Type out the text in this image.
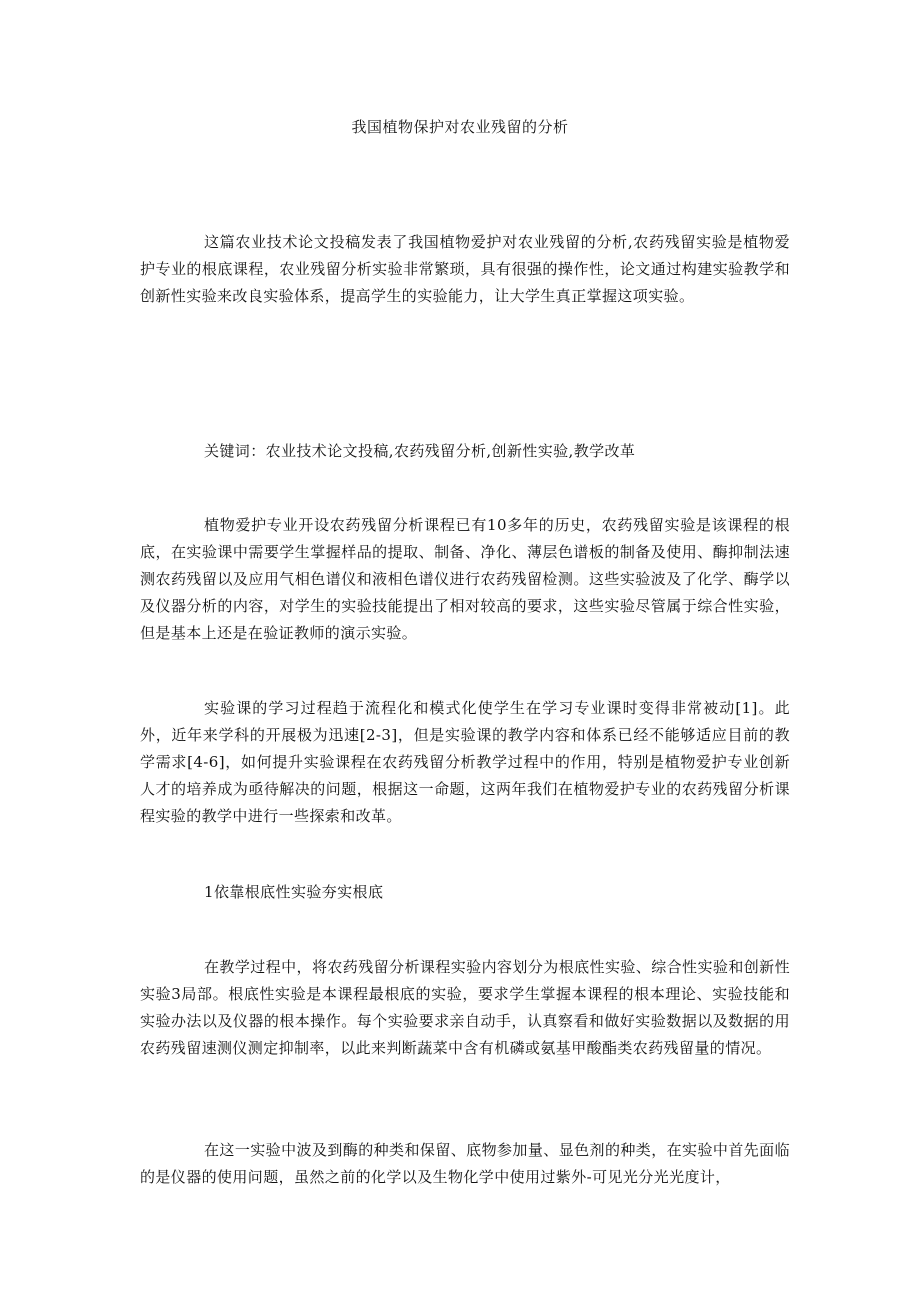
我国植物保护对农业残留的分析

这篇农业技术论文投稿发表了我国植物爱护对农业残留的分析,农药残留实验是植物爱护专业的根底课程，农业残留分析实验非常繁琐，具有很强的操作性，论文通过构建实验教学和创新性实验来改良实验体系，提高学生的实验能力，让大学生真正掌握这项实验。

关键词：农业技术论文投稿,农药残留分析,创新性实验,教学改革

植物爱护专业开设农药残留分析课程已有10多年的历史，农药残留实验是该课程的根底，在实验课中需要学生掌握样品的提取、制备、净化、薄层色谱板的制备及使用、酶抑制法速测农药残留以及应用气相色谱仪和液相色谱仪进行农药残留检测。这些实验波及了化学、酶学以及仪器分析的内容，对学生的实验技能提出了相对较高的要求，这些实验尽管属于综合性实验，但是基本上还是在验证教师的演示实验。

实验课的学习过程趋于流程化和模式化使学生在学习专业课时变得非常被动[1]。此外，近年来学科的开展极为迅速[2-3]，但是实验课的教学内容和体系已经不能够适应目前的教学需求[4-6]，如何提升实验课程在农药残留分析教学过程中的作用，特别是植物爱护专业创新人才的培养成为亟待解决的问题，根据这一命题，这两年我们在植物爱护专业的农药残留分析课程实验的教学中进行一些探索和改革。

1依靠根底性实验夯实根底

在教学过程中，将农药残留分析课程实验内容划分为根底性实验、综合性实验和创新性实验3局部。根底性实验是本课程最根底的实验，要求学生掌握本课程的根本理论、实验技能和实验办法以及仪器的根本操作。每个实验要求亲自动手，认真察看和做好实验数据以及数据的用农药残留速测仪测定抑制率，以此来判断蔬菜中含有机磷或氨基甲酸酯类农药残留量的情况。

在这一实验中波及到酶的种类和保留、底物参加量、显色剂的种类，在实验中首先面临的是仪器的使用问题，虽然之前的化学以及生物化学中使用过紫外-可见光分光光度计，
